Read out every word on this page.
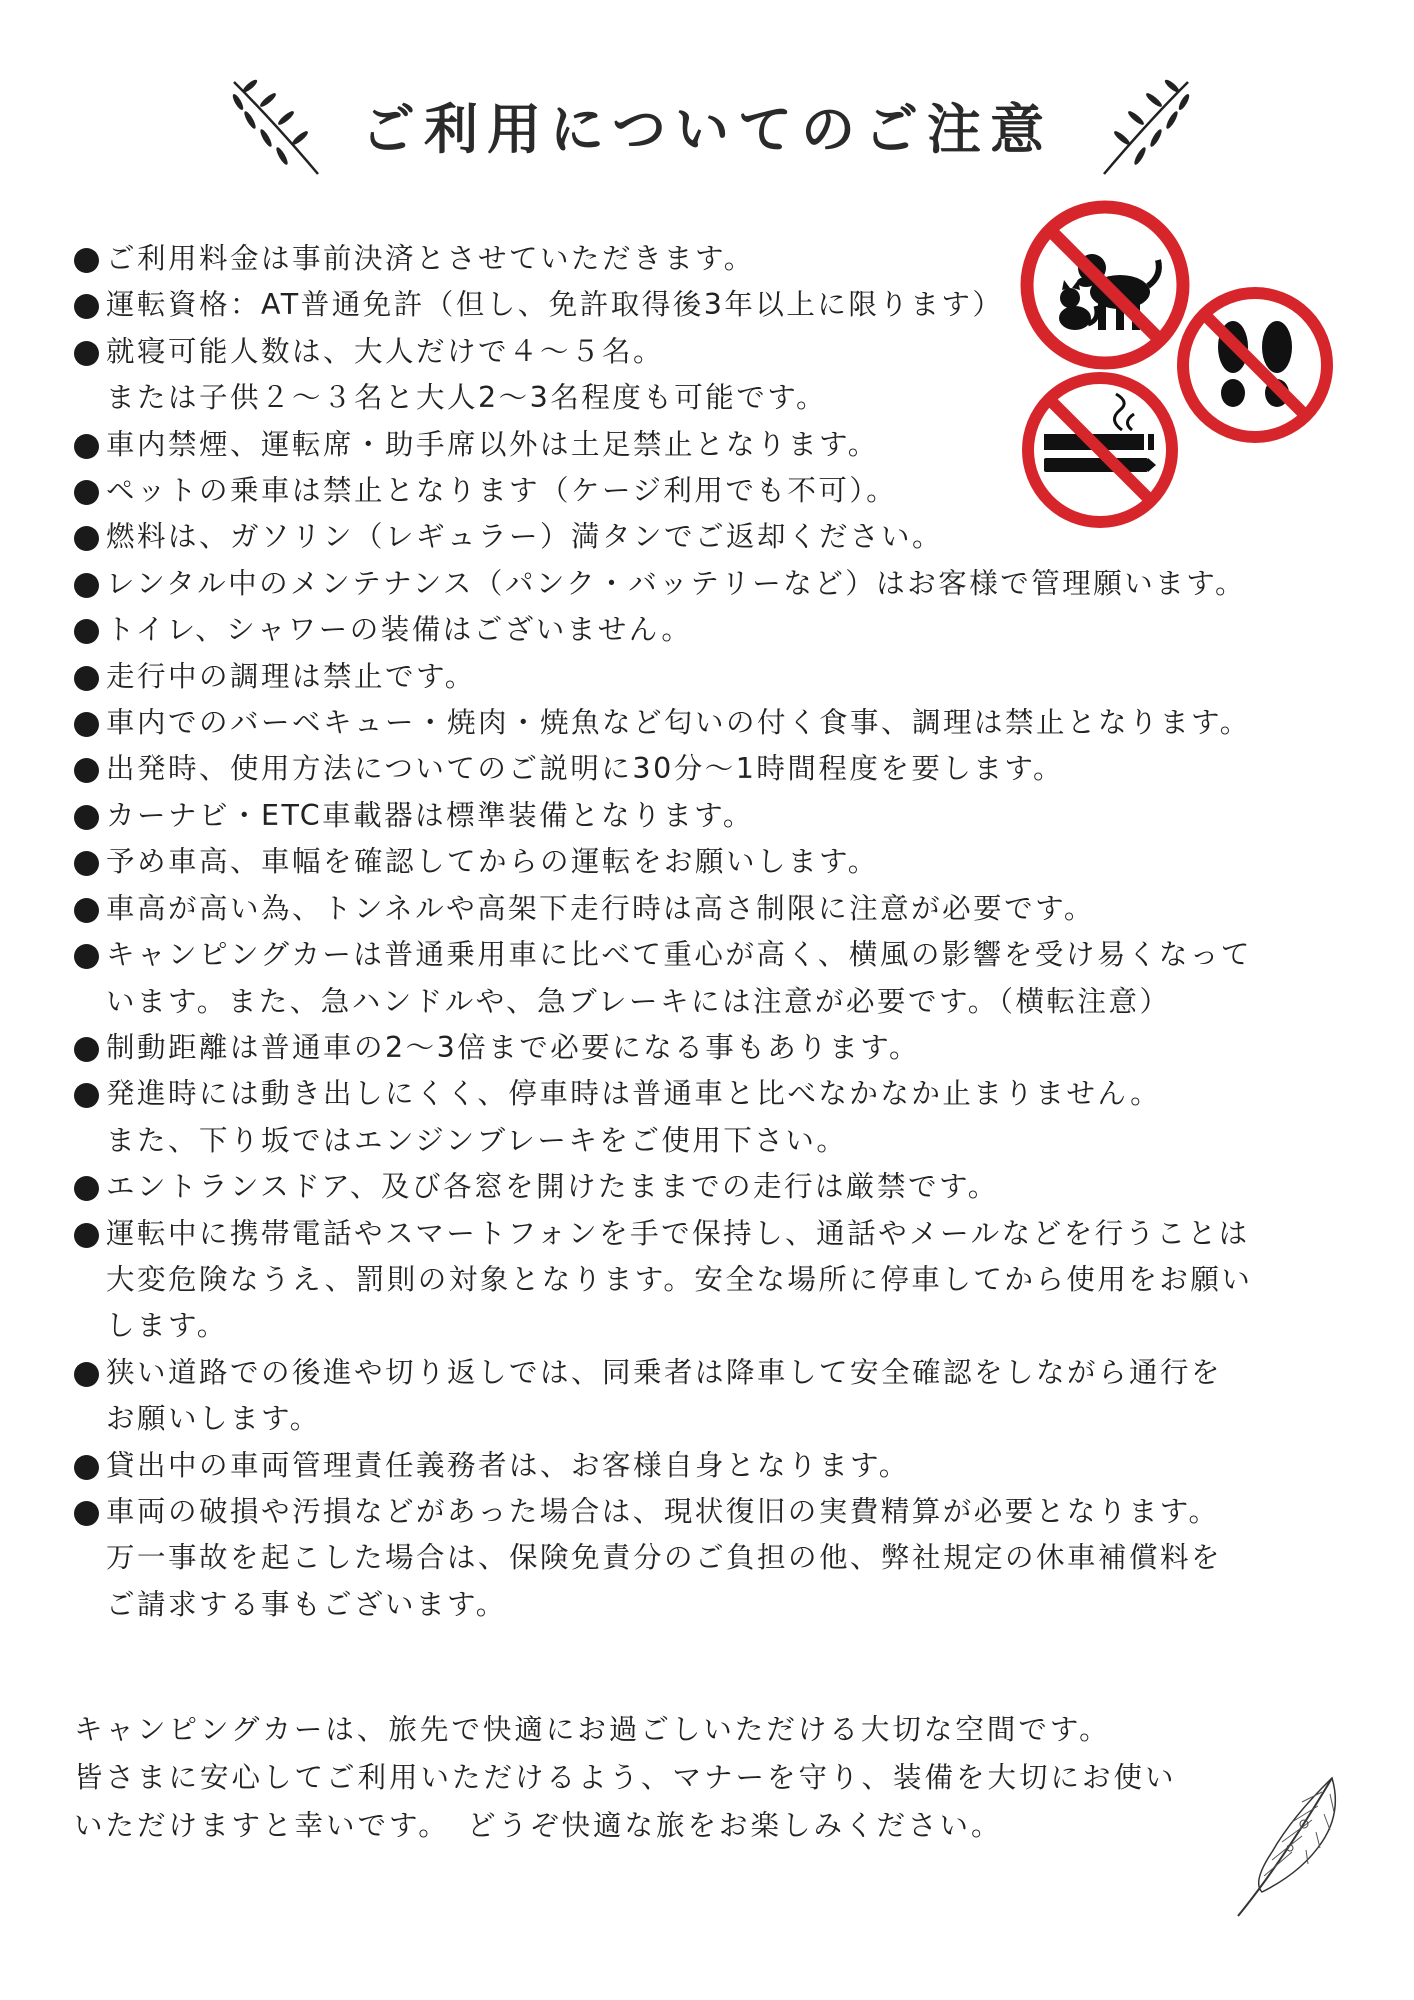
ご利用についてのご注意
ご利用料金は事前決済とさせていただきます。
運転資格：AT普通免許（但し、免許取得後3年以上に限ります）
就寝可能人数は、大人だけで４～５名。
または子供２～３名と大人2～3名程度も可能です。
車内禁煙、運転席・助手席以外は土足禁止となります。
ペットの乗車は禁止となります（ケージ利用でも不可）。
燃料は、ガソリン（レギュラー）満タンでご返却ください。
レンタル中のメンテナンス（パンク・バッテリーなど）はお客様で管理願います。
トイレ、シャワーの装備はございません。
走行中の調理は禁止です。
車内でのバーベキュー・焼肉・焼魚など匂いの付く食事、調理は禁止となります。
出発時、使用方法についてのご説明に30分～1時間程度を要します。
カーナビ・ETC車載器は標準装備となります。
予め車高、車幅を確認してからの運転をお願いします。
車高が高い為、トンネルや高架下走行時は高さ制限に注意が必要です。
キャンピングカーは普通乗用車に比べて重心が高く、横風の影響を受け易くなって
います。また、急ハンドルや、急ブレーキには注意が必要です。（横転注意）
制動距離は普通車の2～3倍まで必要になる事もあります。
発進時には動き出しにくく、停車時は普通車と比べなかなか止まりません。
また、下り坂ではエンジンブレーキをご使用下さい。
エントランスドア、及び各窓を開けたままでの走行は厳禁です。
運転中に携帯電話やスマートフォンを手で保持し、通話やメールなどを行うことは
大変危険なうえ、罰則の対象となります。安全な場所に停車してから使用をお願い
します。
狭い道路での後進や切り返しでは、同乗者は降車して安全確認をしながら通行を
お願いします。
貸出中の車両管理責任義務者は、お客様自身となります。
車両の破損や汚損などがあった場合は、現状復旧の実費精算が必要となります。
万一事故を起こした場合は、保険免責分のご負担の他、弊社規定の休車補償料を
ご請求する事もございます。
キャンピングカーは、旅先で快適にお過ごしいただける大切な空間です。
皆さまに安心してご利用いただけるよう、マナーを守り、装備を大切にお使い
いただけますと幸いです。　どうぞ快適な旅をお楽しみください。
